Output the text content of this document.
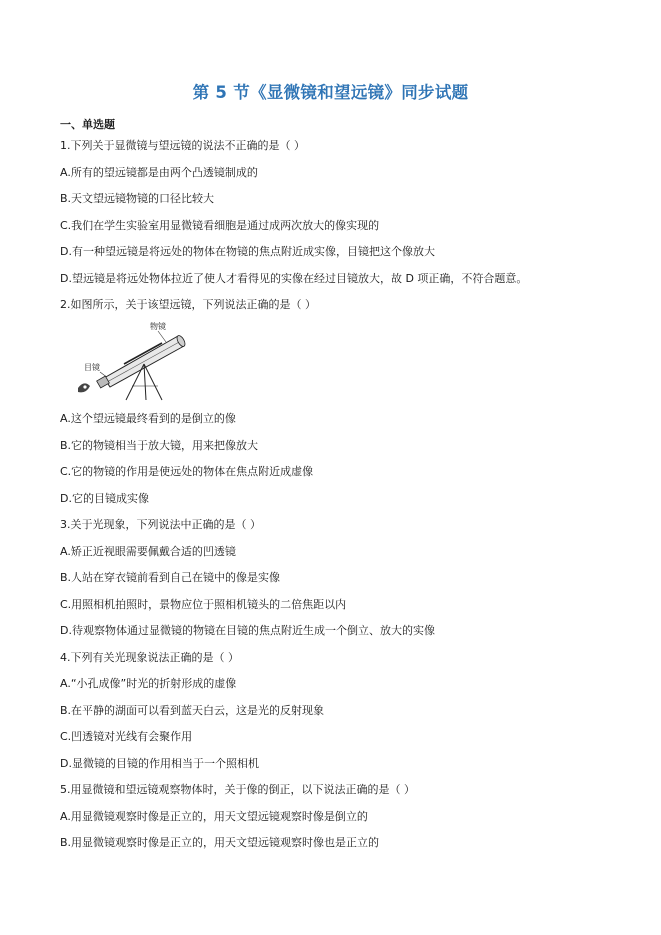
第 5 节《显微镜和望远镜》同步试题
一、单选题
1.下列关于显微镜与望远镜的说法不正确的是（ ）
A.所有的望远镜都是由两个凸透镜制成的
B.天文望远镜物镜的口径比较大
C.我们在学生实验室用显微镜看细胞是通过成两次放大的像实现的
D.有一种望远镜是将远处的物体在物镜的焦点附近成实像，目镜把这个像放大
D.望远镜是将远处物体拉近了使人才看得见的实像在经过目镜放大，故 D 项正确，不符合题意。
2.如图所示，关于该望远镜，下列说法正确的是（ ）
A.这个望远镜最终看到的是倒立的像
B.它的物镜相当于放大镜，用来把像放大
C.它的物镜的作用是使远处的物体在焦点附近成虚像
D.它的目镜成实像
3.关于光现象，下列说法中正确的是（ ）
A.矫正近视眼需要佩戴合适的凹透镜
B.人站在穿衣镜前看到自己在镜中的像是实像
C.用照相机拍照时，景物应位于照相机镜头的二倍焦距以内
D.待观察物体通过显微镜的物镜在目镜的焦点附近生成一个倒立、放大的实像
4.下列有关光现象说法正确的是（ ）
A.“小孔成像”时光的折射形成的虚像
B.在平静的湖面可以看到蓝天白云，这是光的反射现象
C.凹透镜对光线有会聚作用
D.显微镜的目镜的作用相当于一个照相机
5.用显微镜和望远镜观察物体时，关于像的倒正，以下说法正确的是（ ）
A.用显微镜观察时像是正立的，用天文望远镜观察时像是倒立的
B.用显微镜观察时像是正立的，用天文望远镜观察时像也是正立的
物镜
目镜
